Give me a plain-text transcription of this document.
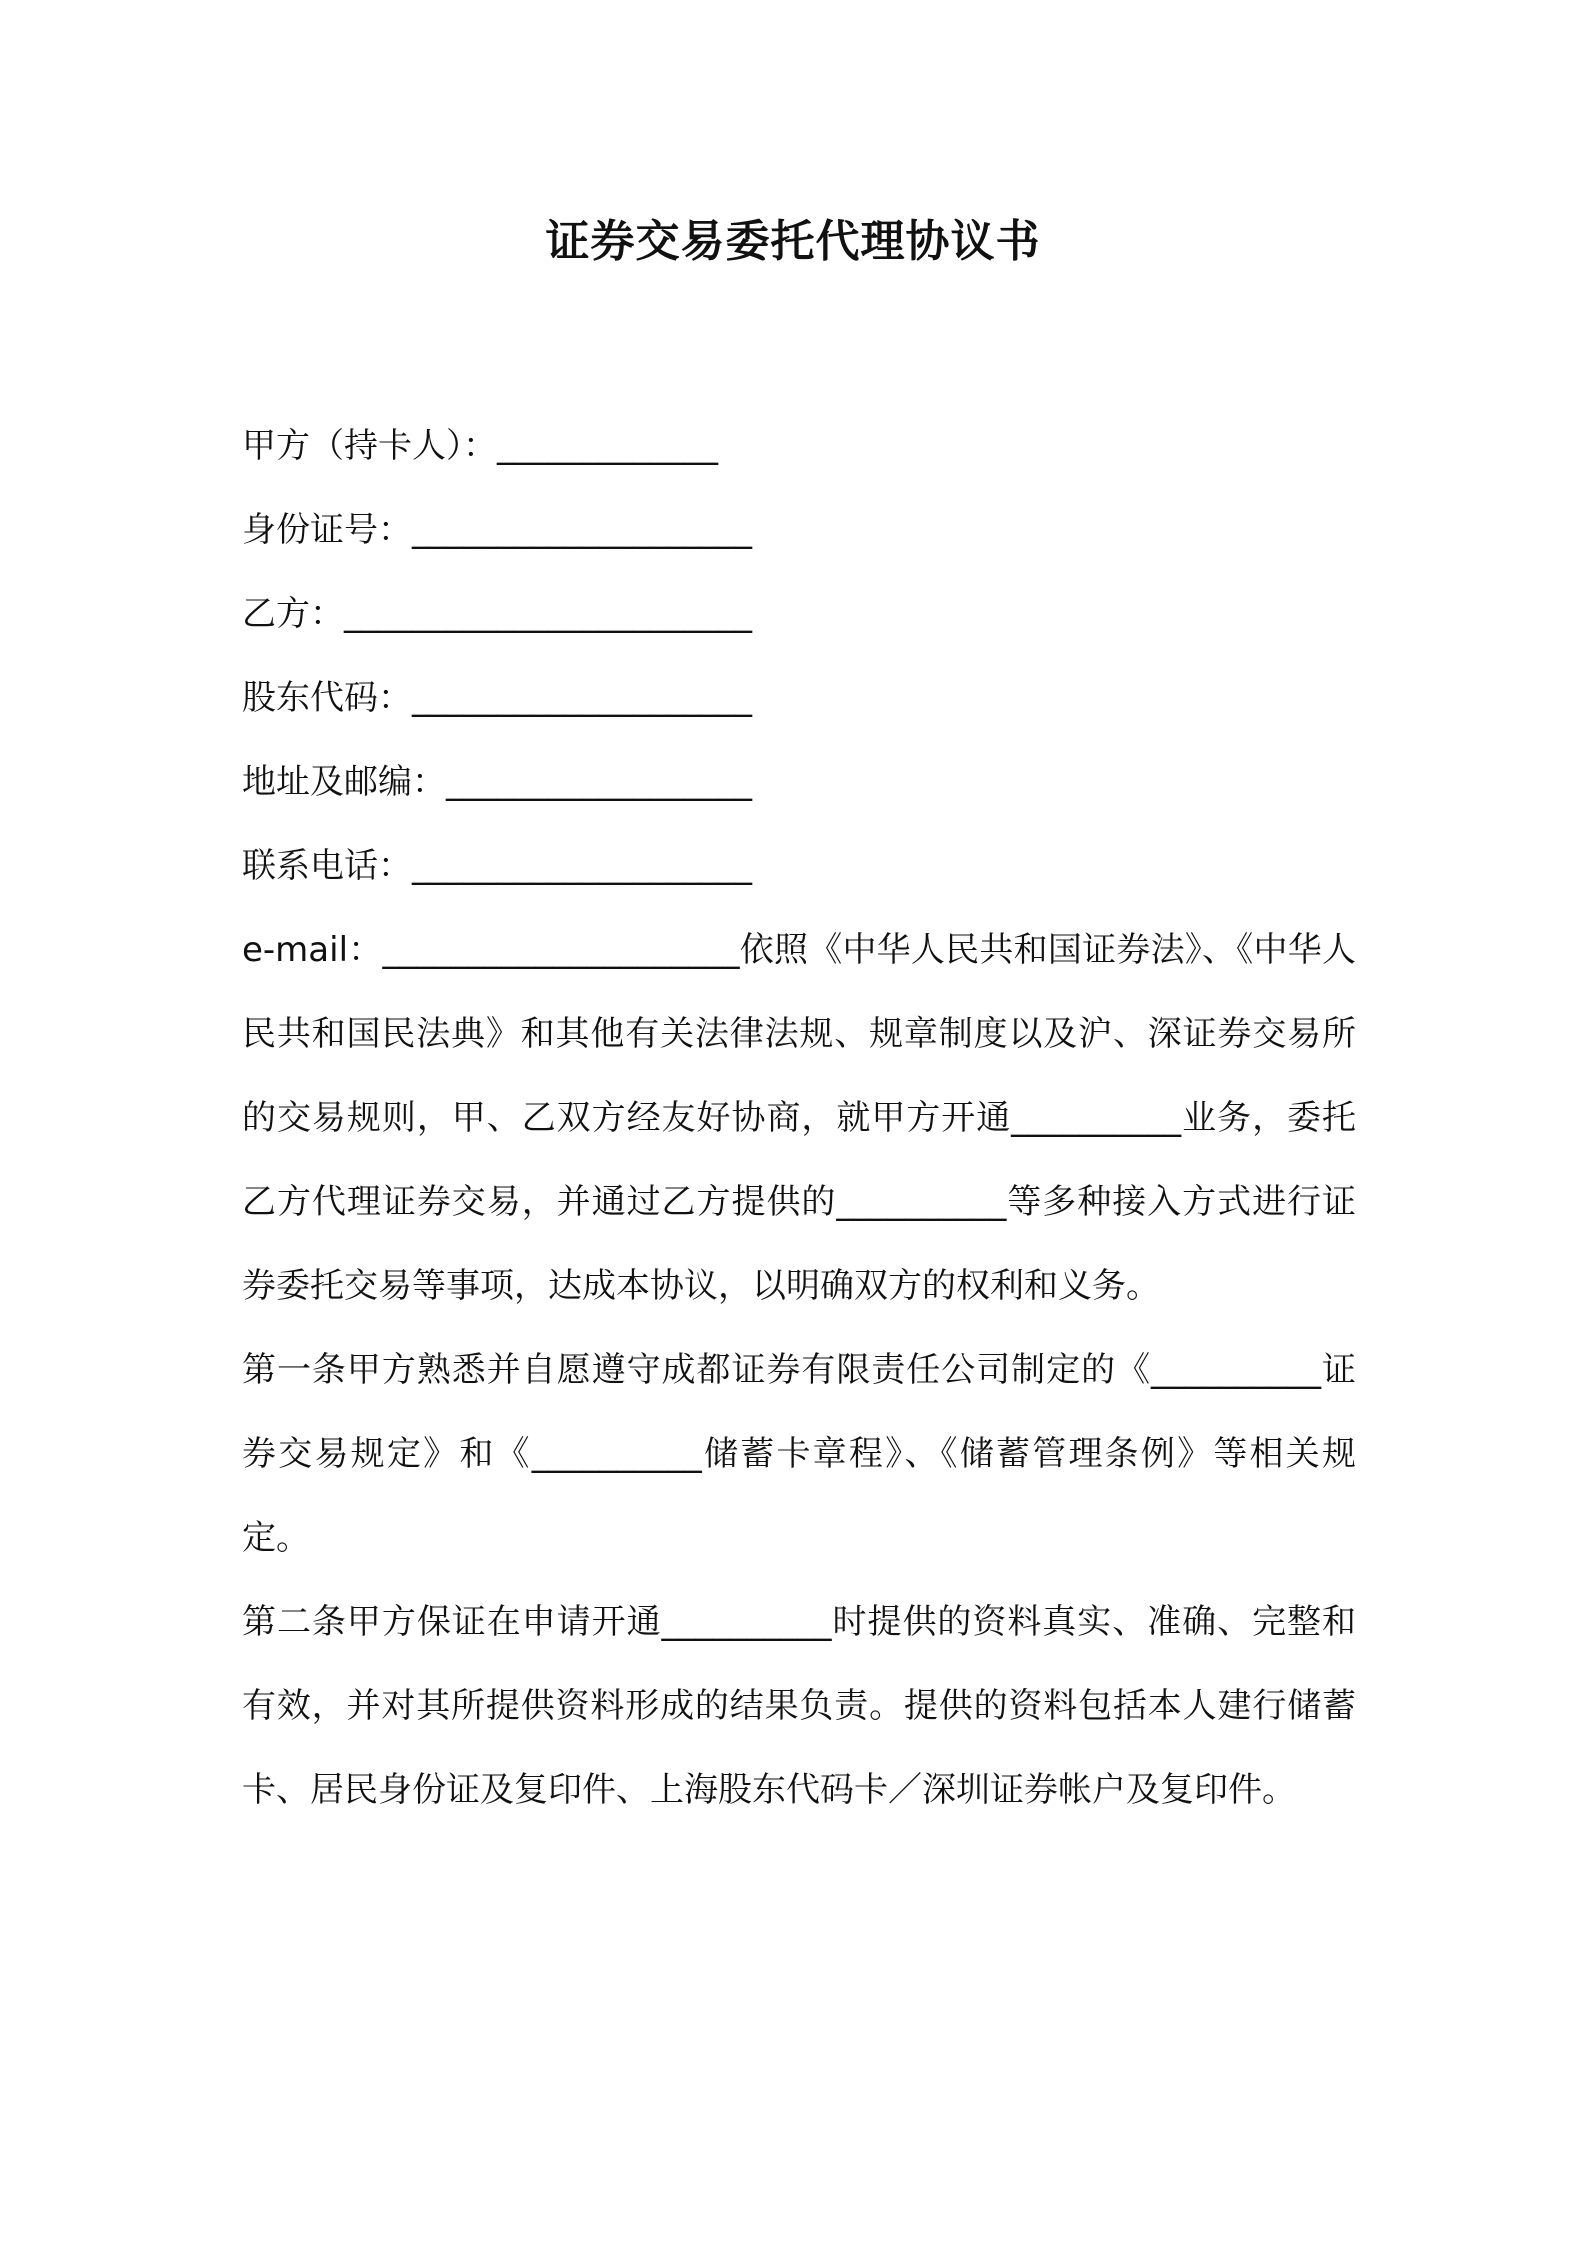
证券交易委托代理协议书
甲方（持卡人）：_____________
身份证号：____________________
乙方：________________________
股东代码：____________________
地址及邮编：__________________
联系电话：____________________

e-mail：_____________________依照《中华人民共和国证券法》、《中华人民共和国民法典》和其他有关法律法规、规章制度以及沪、深证券交易所的交易规则，甲、乙双方经友好协商，就甲方开通__________业务，委托乙方代理证券交易，并通过乙方提供的__________等多种接入方式进行证券委托交易等事项，达成本协议，以明确双方的权利和义务。

第一条甲方熟悉并自愿遵守成都证券有限责任公司制定的《__________证券交易规定》和《__________储蓄卡章程》、《储蓄管理条例》等相关规定。

第二条甲方保证在申请开通__________时提供的资料真实、准确、完整和有效，并对其所提供资料形成的结果负责。提供的资料包括本人建行储蓄卡、居民身份证及复印件、上海股东代码卡／深圳证券帐户及复印件。
